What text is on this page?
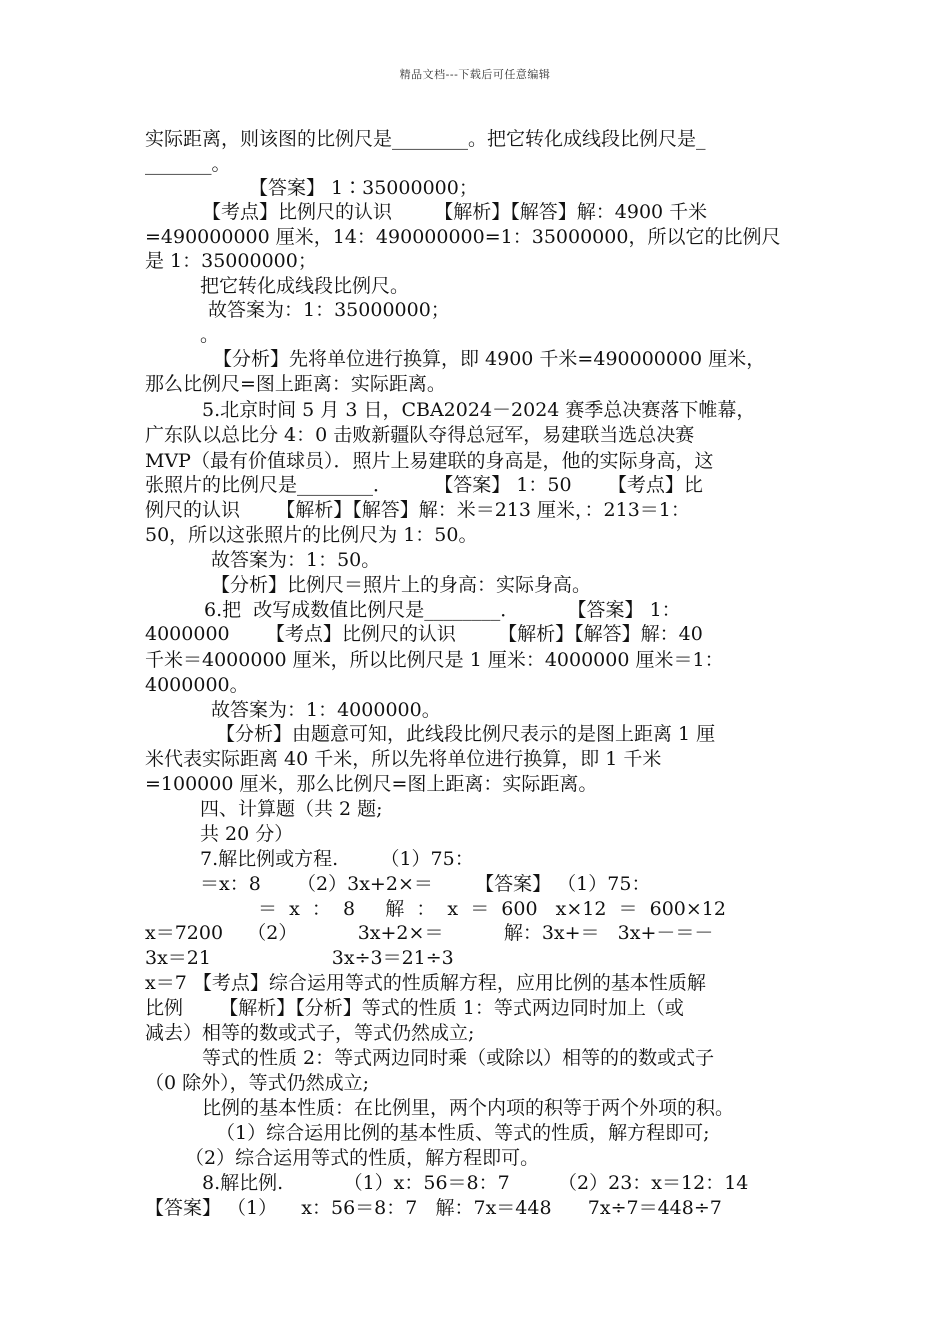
精品文档---下载后可任意编辑
实际距离，则该图的比例尺是________。把它转化成线段比例尺是_
_______。
【答案】 1∶35000000；
【考点】比例尺的认识       【解析】【解答】解：4900 千米
=490000000 厘米，14：490000000=1：35000000，所以它的比例尺
是 1：35000000；
把它转化成线段比例尺。
故答案为：1：35000000；
。
【分析】先将单位进行换算，即 4900 千米=490000000 厘米，
那么比例尺=图上距离：实际距离。
5.北京时间 5 月 3 日，CBA2024－2024 赛季总决赛落下帷幕，
广东队以总比分 4：0 击败新疆队夺得总冠军，易建联当选总决赛
MVP（最有价值球员）．照片上易建联的身高是，他的实际身高，这
张照片的比例尺是________．       【答案】 1：50      【考点】比
例尺的认识      【解析】【解答】解：米＝213 厘米，：213＝1：
50，所以这张照片的比例尺为 1：50。
故答案为：1：50。
【分析】比例尺＝照片上的身高：实际身高。
6.把  改写成数值比例尺是________．        【答案】 1：
4000000      【考点】比例尺的认识       【解析】【解答】解：40
千米＝4000000 厘米，所以比例尺是 1 厘米：4000000 厘米＝1：
4000000。
故答案为：1：4000000。
【分析】由题意可知，此线段比例尺表示的是图上距离 1 厘
米代表实际距离 40 千米，所以先将单位进行换算，即 1 千米
=100000 厘米，那么比例尺=图上距离：实际距离。
四、计算题（共 2 题;
共 20 分）
7.解比例或方程.       （1）75：
＝x：8      （2）3x+2×＝       【答案】 （1）75：
＝  x  ：  8     解  ：  x  ＝  600   x×12  ＝  600×12
x＝7200    （2）          3x+2×＝          解：3x+＝   3x+－＝－
3x＝21                    3x÷3＝21÷3
x＝7 【考点】综合运用等式的性质解方程，应用比例的基本性质解
比例      【解析】【分析】等式的性质 1：等式两边同时加上（或
减去）相等的数或式子，等式仍然成立;
等式的性质 2：等式两边同时乘（或除以）相等的的数或式子
（0 除外），等式仍然成立;
比例的基本性质：在比例里，两个内项的积等于两个外项的积。
（1）综合运用比例的基本性质、等式的性质，解方程即可;
（2）综合运用等式的性质，解方程即可。
8.解比例.          （1）x：56＝8：7        （2）23：x＝12：14
【答案】 （1）    x：56＝8：7   解：7x＝448      7x÷7＝448÷7
